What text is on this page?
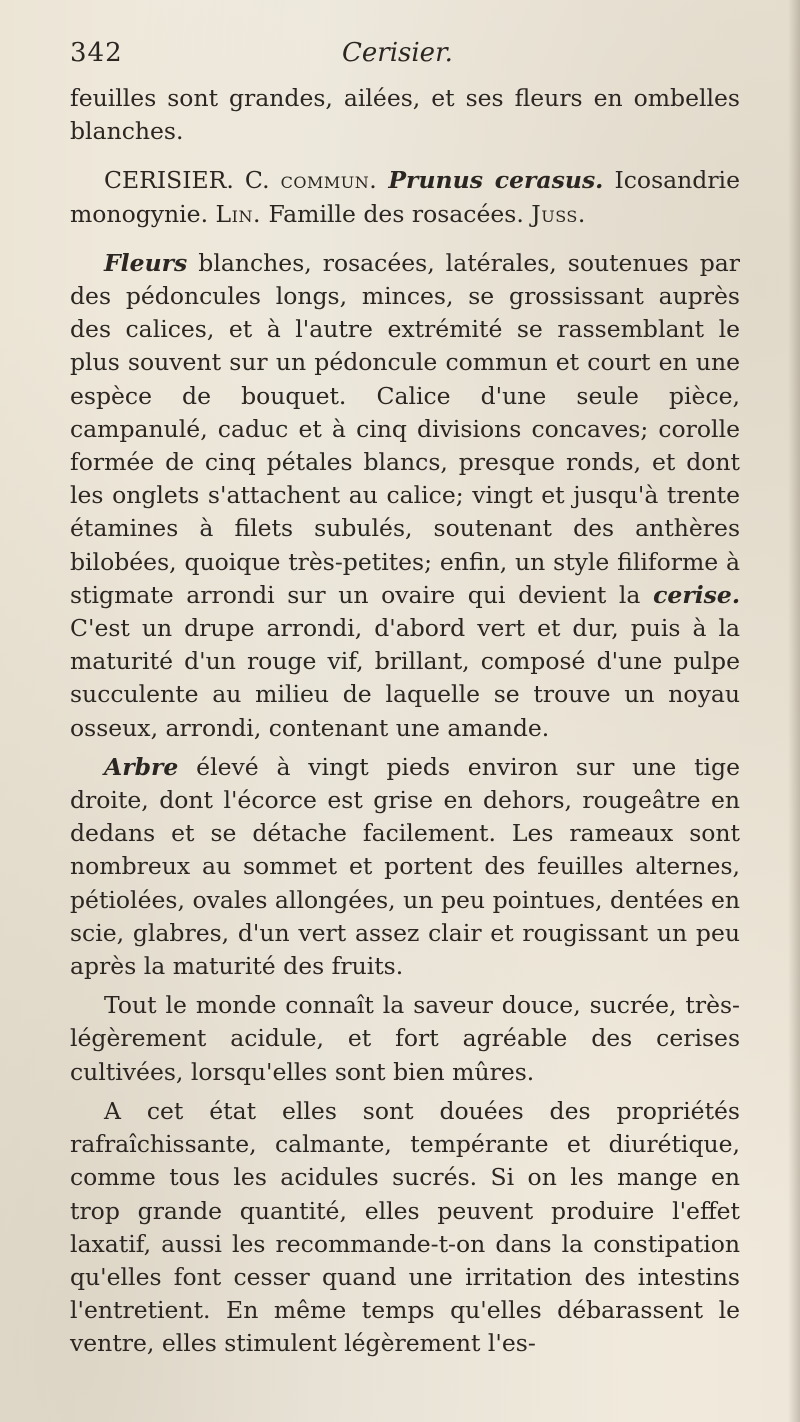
342	Cerisier.

feuilles sont grandes, ailées, et ses fleurs en ombelles blanches.

CERISIER. C. commun. Prunus cerasus. Icosandrie monogynie. Lin. Famille des rosacées. Juss.

Fleurs blanches, rosacées, latérales, soutenues par des pédoncules longs, minces, se grossissant auprès des calices, et à l'autre extrémité se rassemblant le plus souvent sur un pédoncule commun et court en une espèce de bouquet. Calice d'une seule pièce, campanulé, caduc et à cinq divisions concaves; corolle formée de cinq pétales blancs, presque ronds, et dont les onglets s'attachent au calice; vingt et jusqu'à trente étamines à filets subulés, soutenant des anthères bilobées, quoique très-petites; enfin, un style filiforme à stigmate arrondi sur un ovaire qui devient la cerise. C'est un drupe arrondi, d'abord vert et dur, puis à la maturité d'un rouge vif, brillant, composé d'une pulpe succulente au milieu de laquelle se trouve un noyau osseux, arrondi, contenant une amande.

Arbre élevé à vingt pieds environ sur une tige droite, dont l'écorce est grise en dehors, rougeâtre en dedans et se détache facilement. Les rameaux sont nombreux au sommet et portent des feuilles alternes, pétiolées, ovales allongées, un peu pointues, dentées en scie, glabres, d'un vert assez clair et rougissant un peu après la maturité des fruits.

Tout le monde connaît la saveur douce, sucrée, très-légèrement acidule, et fort agréable des cerises cultivées, lorsqu'elles sont bien mûres.

A cet état elles sont douées des propriétés rafraîchissante, calmante, tempérante et diurétique, comme tous les acidules sucrés. Si on les mange en trop grande quantité, elles peuvent produire l'effet laxatif, aussi les recommande-t-on dans la constipation qu'elles font cesser quand une irritation des intestins l'entretient. En même temps qu'elles débarassent le ventre, elles stimulent légèrement l'es-
